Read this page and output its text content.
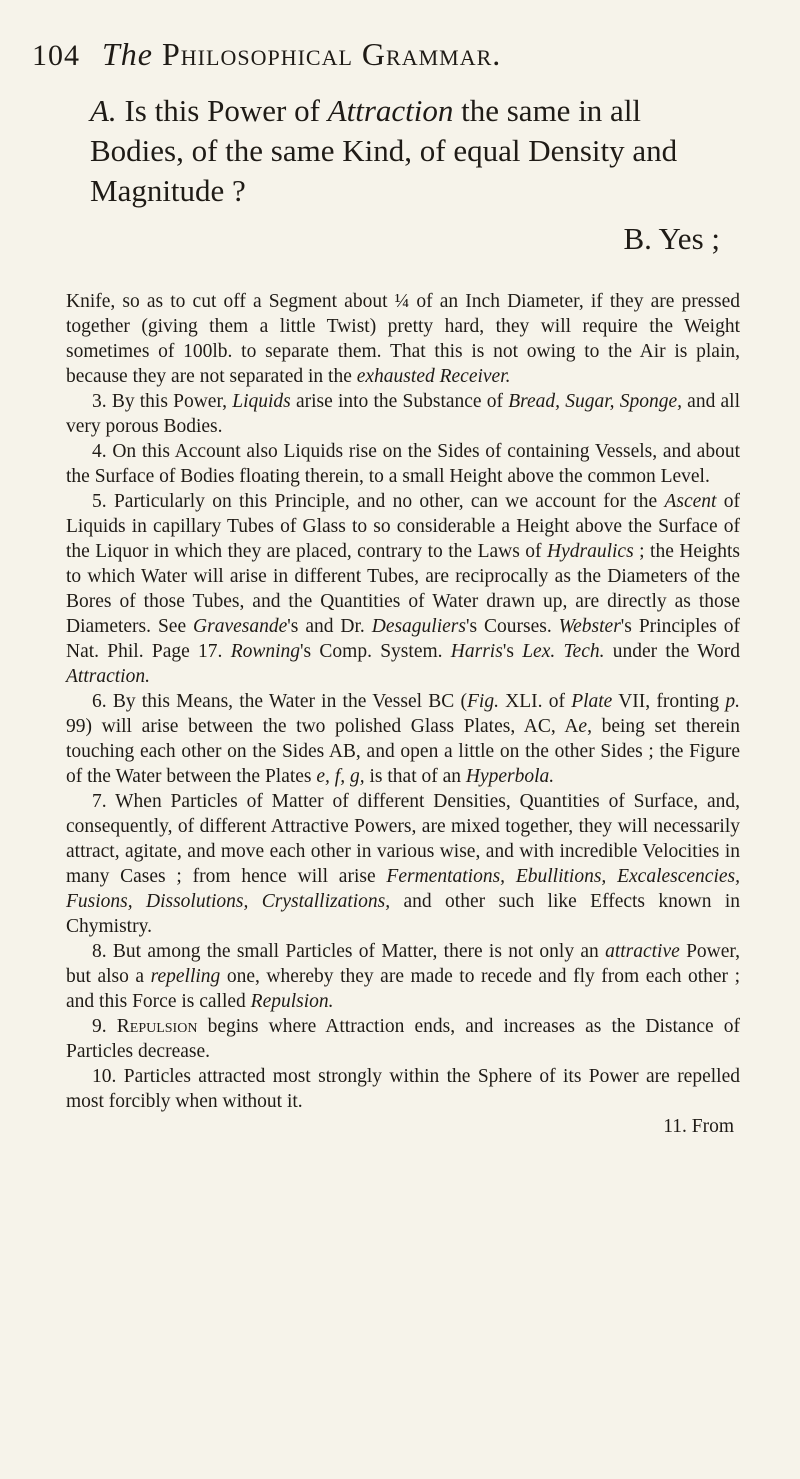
104 The Philosophical Grammar.
A. Is this Power of Attraction the same in all Bodies, of the same Kind, of equal Density and Magnitude ?
B. Yes ;

Knife, so as to cut off a Segment about ¼ of an Inch Diameter, if they are pressed together (giving them a little Twist) pretty hard, they will require the Weight sometimes of 100lb. to separate them. That this is not owing to the Air is plain, because they are not separated in the exhausted Receiver.

3. By this Power, Liquids arise into the Substance of Bread, Sugar, Sponge, and all very porous Bodies.

4. On this Account also Liquids rise on the Sides of containing Vessels, and about the Surface of Bodies floating therein, to a small Height above the common Level.

5. Particularly on this Principle, and no other, can we account for the Ascent of Liquids in capillary Tubes of Glass to so considerable a Height above the Surface of the Liquor in which they are placed, contrary to the Laws of Hydraulics ; the Heights to which Water will arise in different Tubes, are reciprocally as the Diameters of the Bores of those Tubes, and the Quantities of Water drawn up, are directly as those Diameters. See Gravesande's and Dr. Desaguliers's Courses. Webster's Principles of Nat. Phil. Page 17. Rowning's Comp. System. Harris's Lex. Tech. under the Word Attraction.

6. By this Means, the Water in the Vessel BC (Fig. XLI. of Plate VII, fronting p. 99) will arise between the two polished Glass Plates, AC, Ae, being set therein touching each other on the Sides AB, and open a little on the other Sides ; the Figure of the Water between the Plates e, f, g, is that of an Hyperbola.

7. When Particles of Matter of different Densities, Quantities of Surface, and, consequently, of different Attractive Powers, are mixed together, they will necessarily attract, agitate, and move each other in various wise, and with incredible Velocities in many Cases ; from hence will arise Fermentations, Ebullitions, Excalescencies, Fusions, Dissolutions, Crystallizations, and other such like Effects known in Chymistry.

8. But among the small Particles of Matter, there is not only an attractive Power, but also a repelling one, whereby they are made to recede and fly from each other ; and this Force is called Repulsion.

9. Repulsion begins where Attraction ends, and increases as the Distance of Particles decrease.

10. Particles attracted most strongly within the Sphere of its Power are repelled most forcibly when without it.

11. From
